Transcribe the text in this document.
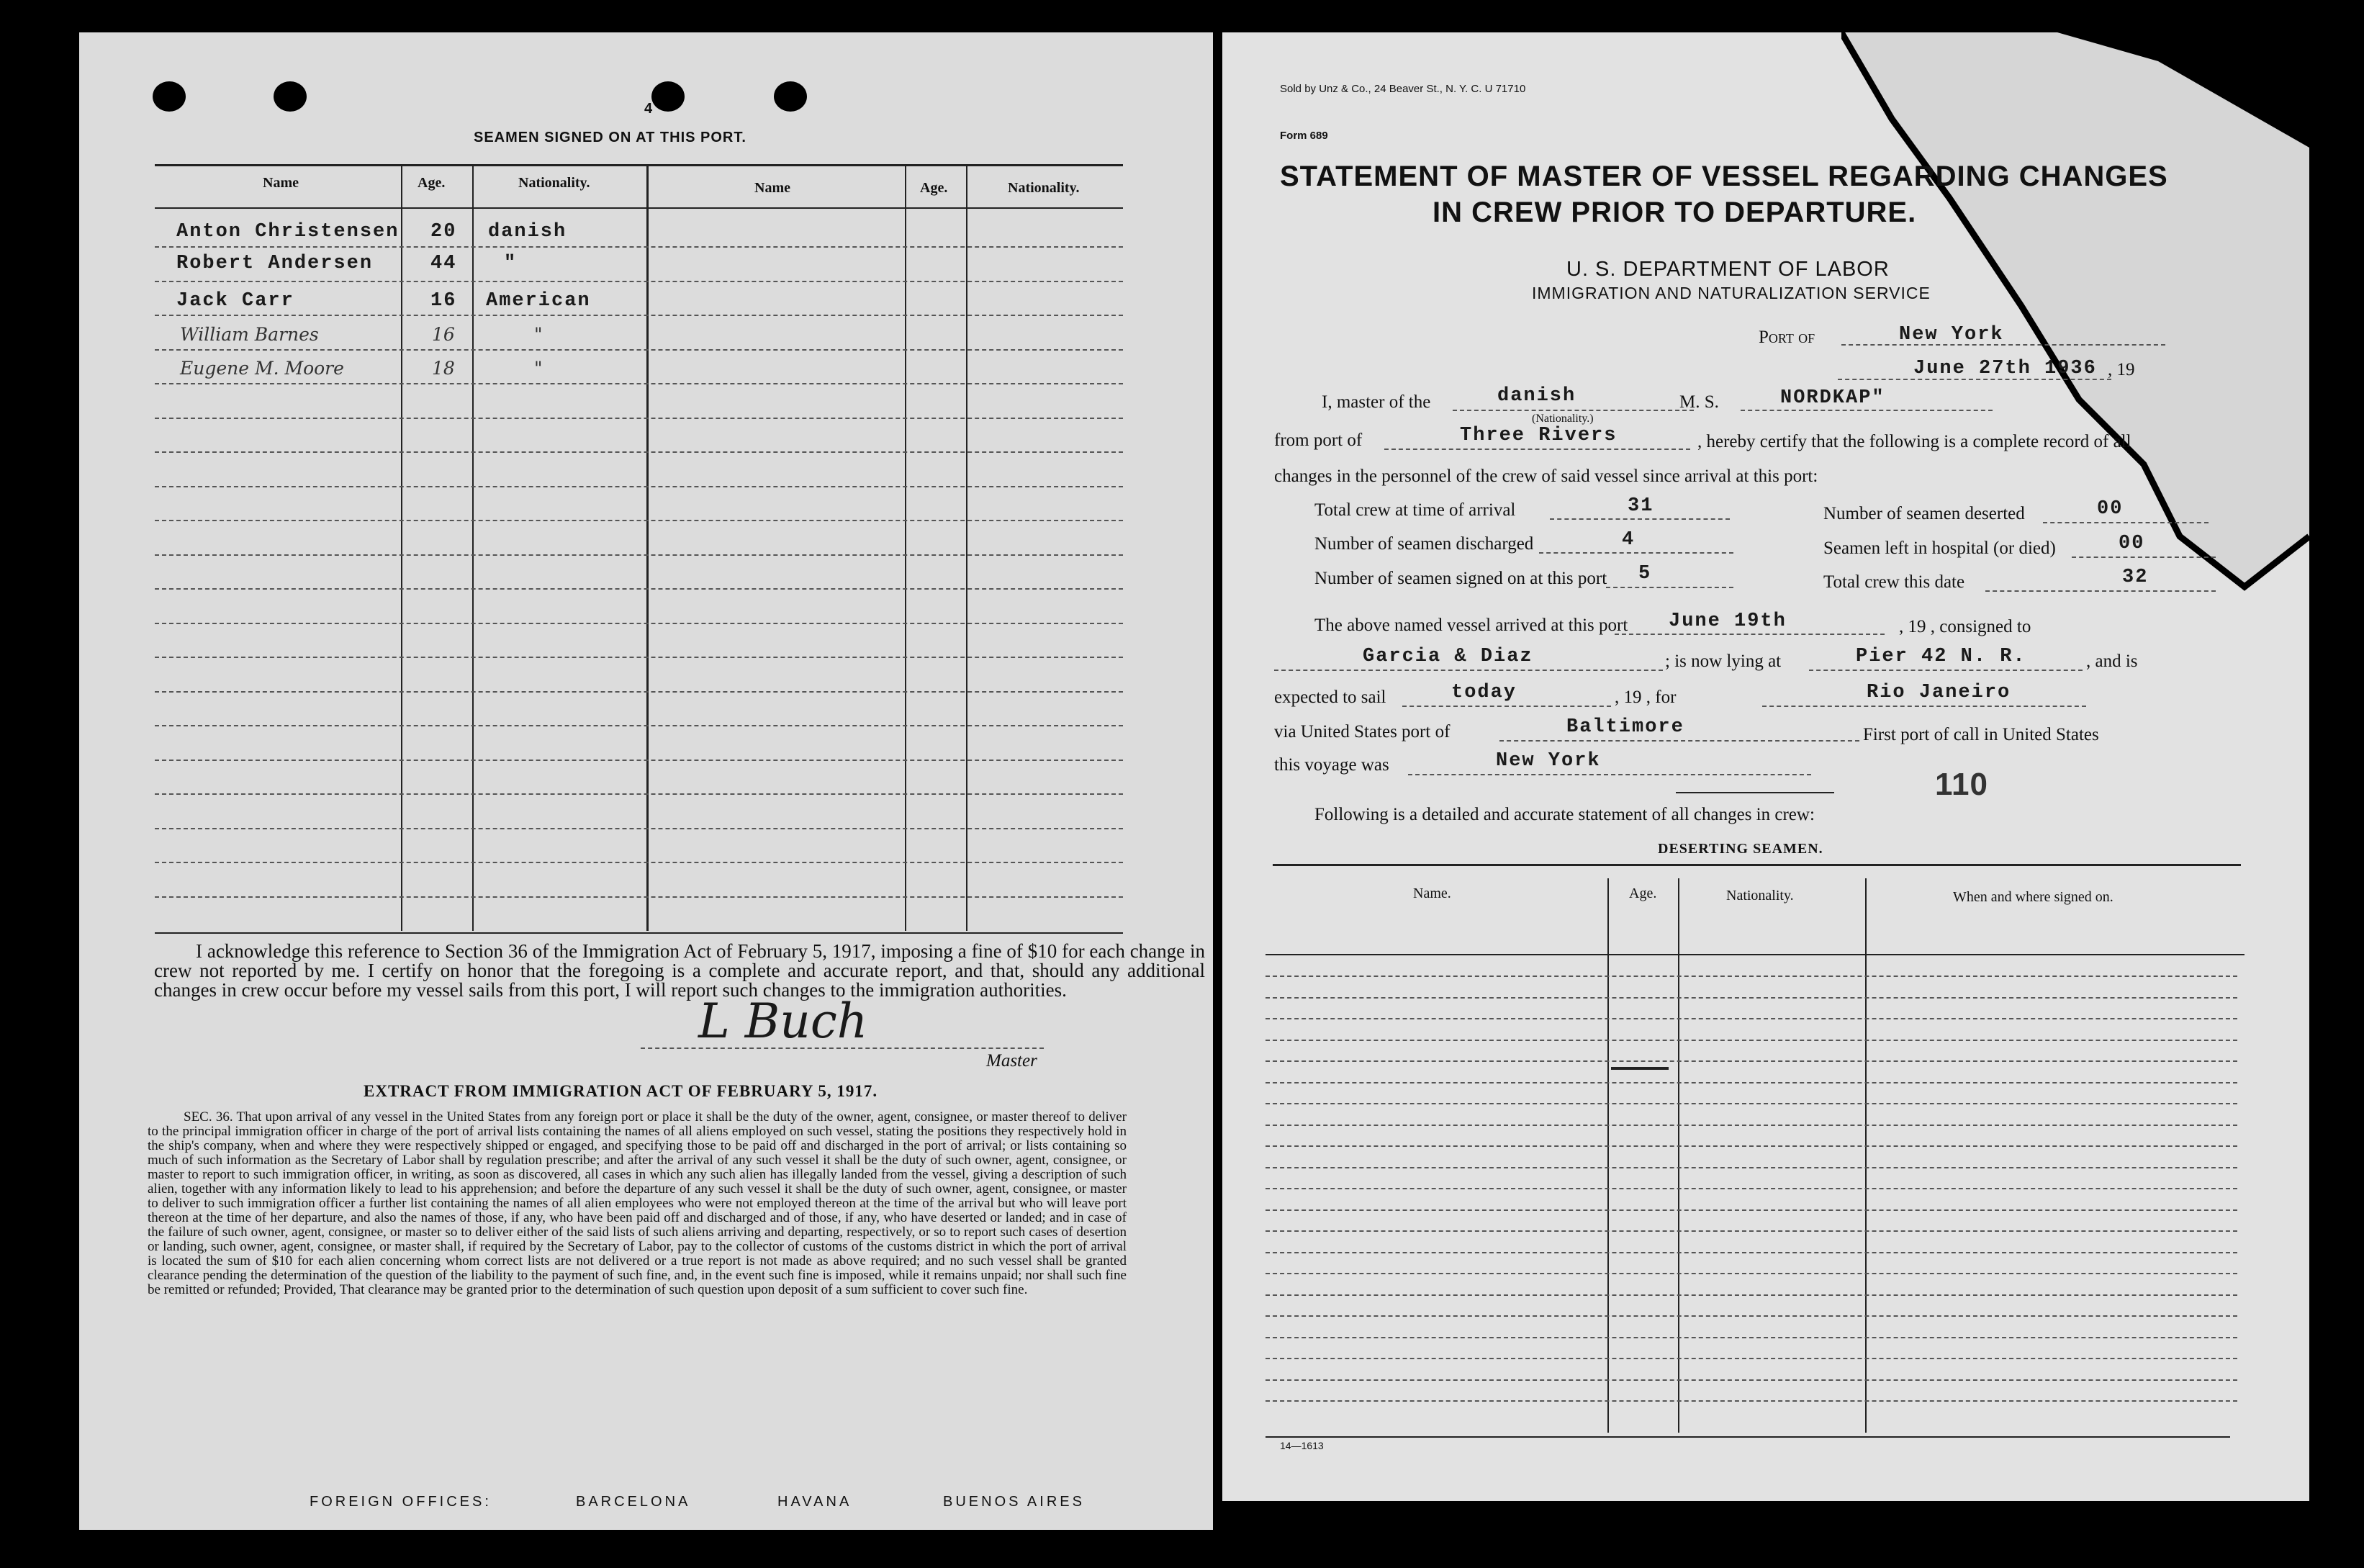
4
SEAMEN SIGNED ON AT THIS PORT.
Name	Age.	Nationality.	Name	Age.	Nationality.
Anton Christensen 20 danish
Robert Andersen	44 "
Jack Carr	16 American
William Barnes	16	"
Eugene M. Moore	18	"
I acknowledge this reference to Section 36 of the Immigration Act of February 5, 1917, imposing a fine of $10 for each change in crew not reported by me. I certify on honor that the foregoing is a complete and accurate report, and that, should any additional changes in crew occur before my vessel sails from this port, I will report such changes to the immigration authorities.
L Buch
Master
EXTRACT FROM IMMIGRATION ACT OF FEBRUARY 5, 1917.
SEC. 36. That upon arrival of any vessel in the United States from any foreign port or place it shall be the duty of the owner, agent, consignee, or master thereof to deliver to the principal immigration officer in charge of the port of arrival lists containing the names of all aliens employed on such vessel, stating the positions they respectively hold in the ship's company, when and where they were respectively shipped or engaged, and specifying those to be paid off and discharged in the port of arrival; or lists containing so much of such information as the Secretary of Labor shall by regulation prescribe; and after the arrival of any such vessel it shall be the duty of such owner, agent, consignee, or master to report to such immigration officer, in writing, as soon as discovered, all cases in which any such alien has illegally landed from the vessel, giving a description of such alien, together with any information likely to lead to his apprehension; and before the departure of any such vessel it shall be the duty of such owner, agent, consignee, or master to deliver to such immigration officer a further list containing the names of all alien employees who were not employed thereon at the time of the arrival but who will leave port thereon at the time of her departure, and also the names of those, if any, who have been paid off and discharged and of those, if any, who have deserted or landed; and in case of the failure of such owner, agent, consignee, or master so to deliver either of the said lists of such aliens arriving and departing, respectively, or so to report such cases of desertion or landing, such owner, agent, consignee, or master shall, if required by the Secretary of Labor, pay to the collector of customs of the customs district in which the port of arrival is located the sum of $10 for each alien concerning whom correct lists are not delivered or a true report is not made as above required; and no such vessel shall be granted clearance pending the determination of the question of the liability to the payment of such fine, and, in the event such fine is imposed, while it remains unpaid; nor shall such fine be remitted or refunded; Provided, That clearance may be granted prior to the determination of such question upon deposit of a sum sufficient to cover such fine.
FOREIGN OFFICES:	BARCELONA	HAVANA	BUENOS AIRES
Sold by Unz & Co., 24 Beaver St., N. Y. C. U 71710
Form 689
STATEMENT OF MASTER OF VESSEL REGARDING CHANGES
IN CREW PRIOR TO DEPARTURE.
U. S. DEPARTMENT OF LABOR
IMMIGRATION AND NATURALIZATION SERVICE
Port of	New York
June 27th 1936 , 19
I, master of the	danish
(Nationality.)
M. S.	NORDKAP"
from port of	Three Rivers	, hereby certify that the following is a complete record of all
changes in the personnel of the crew of said vessel since arrival at this port:
Total crew at time of arrival	31	Number of seamen deserted	00
Number of seamen discharged	4	Seamen left in hospital (or died)	00
Number of seamen signed on at this port 5	Total crew this date	32
The above named vessel arrived at this port June 19th	, 19 , consigned to
Garcia & Diaz	; is now lying at	Pier 42 N. R.	, and is
expected to sail	today	, 19 , for	Rio Janeiro
via United States port of	Baltimore	First port of call in United States
this voyage was	New York
110
Following is a detailed and accurate statement of all changes in crew:
DESERTING SEAMEN.
Name.	Age.	Nationality.	When and where signed on.
14—1613
